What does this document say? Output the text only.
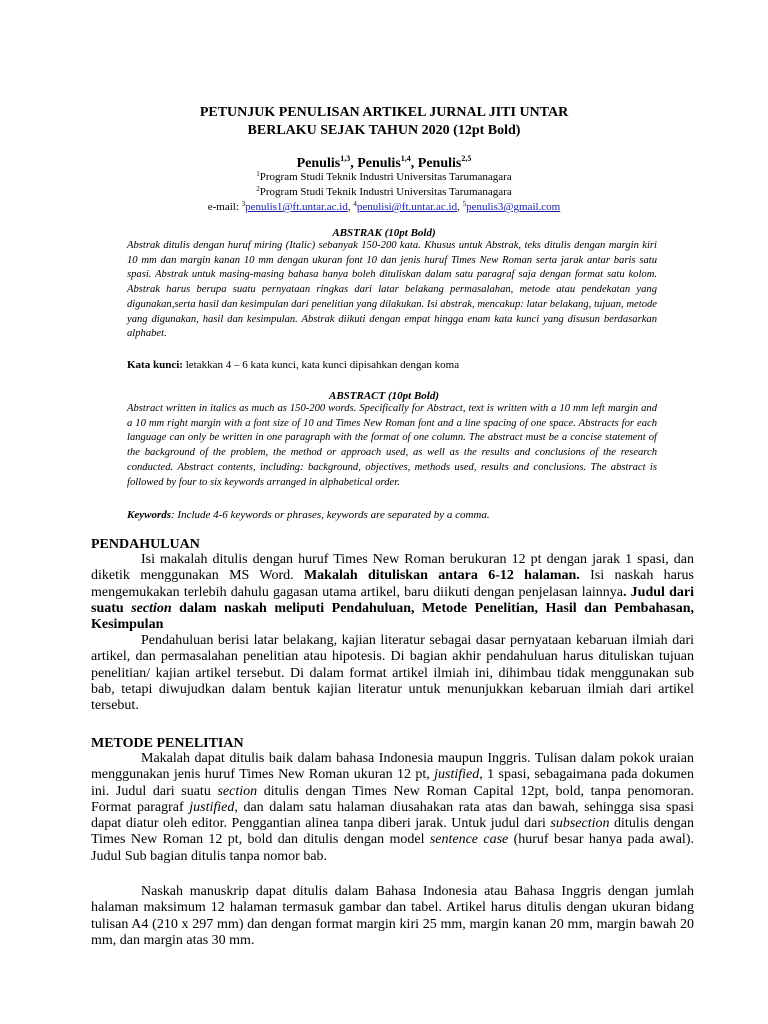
PETUNJUK PENULISAN ARTIKEL JURNAL JITI UNTAR
BERLAKU SEJAK TAHUN 2020 (12pt Bold)
Penulis$^{1,3}$, Penulis$^{1,4}$, Penulis$^{2,5}$
$^1$Program Studi Teknik Industri Universitas Tarumanagara
$^2$Program Studi Teknik Industri Universitas Tarumanagara
e-mail: $^3$penulis1@ft.untar.ac.id, $^4$penulisi@ft.untar.ac.id, $^5$penulis3@gmail.com
ABSTRAK (10pt Bold)
Abstrak ditulis dengan huruf miring (Italic) sebanyak 150-200 kata. Khusus untuk Abstrak, teks ditulis dengan margin kiri 10 mm dan margin kanan 10 mm dengan ukuran font 10 dan jenis huruf Times New Roman serta jarak antar baris satu spasi. Abstrak untuk masing-masing bahasa hanya boleh dituliskan dalam satu paragraf saja dengan format satu kolom. Abstrak harus berupa suatu pernyataan ringkas dari latar belakang permasalahan, metode atau pendekatan yang digunakan,serta hasil dan kesimpulan dari penelitian yang dilakukan. Isi abstrak, mencakup: latar belakang, tujuan, metode yang digunakan, hasil dan kesimpulan. Abstrak diikuti dengan empat hingga enam kata kunci yang disusun berdasarkan alphabet.
Kata kunci: letakkan 4 – 6 kata kunci, kata kunci dipisahkan dengan koma
ABSTRACT (10pt Bold)
Abstract written in italics as much as 150-200 words. Specifically for Abstract, text is written with a 10 mm left margin and a 10 mm right margin with a font size of 10 and Times New Roman font and a line spacing of one space. Abstracts for each language can only be written in one paragraph with the format of one column. The abstract must be a concise statement of the background of the problem, the method or approach used, as well as the results and conclusions of the research conducted. Abstract contents, including: background, objectives, methods used, results and conclusions. The abstract is followed by four to six keywords arranged in alphabetical order.
Keywords: Include 4-6 keywords or phrases, keywords are separated by a comma.
PENDAHULUAN
Isi makalah ditulis dengan huruf Times New Roman berukuran 12 pt dengan jarak 1 spasi, dan diketik menggunakan MS Word. Makalah dituliskan antara 6-12 halaman. Isi naskah harus mengemukakan terlebih dahulu gagasan utama artikel, baru diikuti dengan penjelasan lainnya. Judul dari suatu section dalam naskah meliputi Pendahuluan, Metode Penelitian, Hasil dan Pembahasan, Kesimpulan
Pendahuluan berisi latar belakang, kajian literatur sebagai dasar pernyataan kebaruan ilmiah dari artikel, dan permasalahan penelitian atau hipotesis. Di bagian akhir pendahuluan harus dituliskan tujuan penelitian/ kajian artikel tersebut. Di dalam format artikel ilmiah ini, dihimbau tidak menggunakan sub bab, tetapi diwujudkan dalam bentuk kajian literatur untuk menunjukkan kebaruan ilmiah dari artikel tersebut.
METODE PENELITIAN
Makalah dapat ditulis baik dalam bahasa Indonesia maupun Inggris. Tulisan dalam pokok uraian menggunakan jenis huruf Times New Roman ukuran 12 pt, justified, 1 spasi, sebagaimana pada dokumen ini. Judul dari suatu section ditulis dengan Times New Roman Capital 12pt, bold, tanpa penomoran. Format paragraf justified, dan dalam satu halaman diusahakan rata atas dan bawah, sehingga sisa spasi dapat diatur oleh editor. Penggantian alinea tanpa diberi jarak. Untuk judul dari subsection ditulis dengan Times New Roman 12 pt, bold dan ditulis dengan model sentence case (huruf besar hanya pada awal). Judul Sub bagian ditulis tanpa nomor bab.
Naskah manuskrip dapat ditulis dalam Bahasa Indonesia atau Bahasa Inggris dengan jumlah halaman maksimum 12 halaman termasuk gambar dan tabel. Artikel harus ditulis dengan ukuran bidang tulisan A4 (210 x 297 mm) dan dengan format margin kiri 25 mm, margin kanan 20 mm, margin bawah 20 mm, dan margin atas 30 mm.
